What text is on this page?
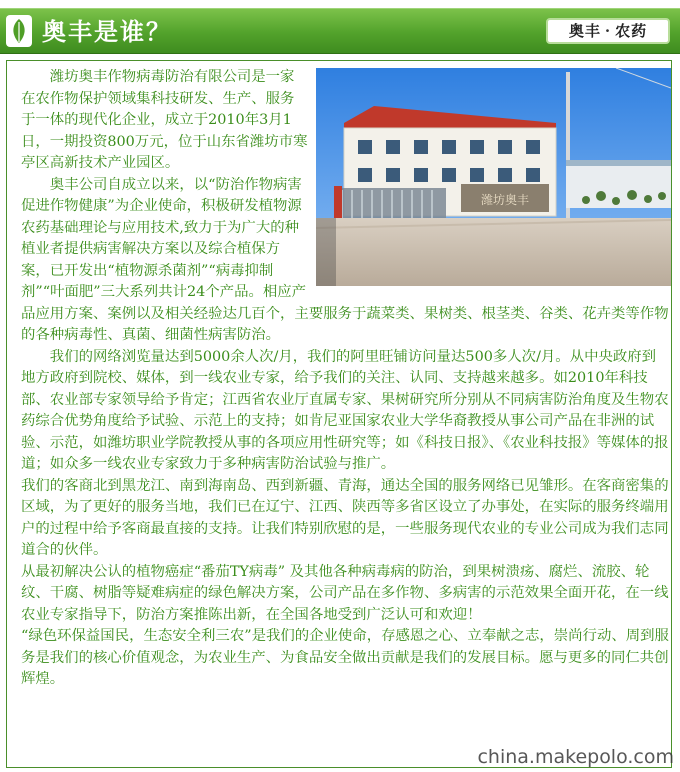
奥丰是谁？	奥丰 · 农药
潍坊奥丰

潍坊奥丰作物病毒防治有限公司是一家在农作物保护领域集科技研发、生产、服务于一体的现代化企业，成立于2010年3月1日，一期投资800万元，位于山东省潍坊市寒亭区高新技术产业园区。

奥丰公司自成立以来，以“防治作物病害 促进作物健康”为企业使命，积极研发植物源农药基础理论与应用技术,致力于为广大的种植业者提供病害解决方案以及综合植保方案，已开发出“植物源杀菌剂”“病毒抑制剂”“叶面肥”三大系列共计24个产品。相应产品应用方案、案例以及相关经验达几百个，主要服务于蔬菜类、果树类、根茎类、谷类、花卉类等作物 的各种病毒性、真菌、细菌性病害防治。

我们的网络浏览量达到5000余人次/月，我们的阿里旺铺访问量达500多人次/月。从中央政府到地方政府到院校、媒体，到一线农业专家，给予我们的关注、认同、支持越来越多。如2010年科技部、农业部专家领导给予肯定；江西省农业厅直属专家、果树研究所分别从不同病害防治角度及生物农药综合优势角度给予试验、示范上的支持；如肯尼亚国家农业大学华裔教授从事公司产品在非洲的试验、示范，如潍坊职业学院教授从事的各项应用性研究等；如《科技日报》、《农业科技报》等媒体的报道；如众多一线农业专家致力于多种病害防治试验与推广。

我们的客商北到黑龙江、南到海南岛、西到新疆、青海，通达全国的服务网络已见雏形。在客商密集的区域，为了更好的服务当地，我们已在辽宁、江西、陕西等多省区设立了办事处，在实际的服务终端用户的过程中给予客商最直接的支持。让我们特别欣慰的是，一些服务现代农业的专业公司成为我们志同道合的伙伴。

从最初解决公认的植物癌症“番茄TY病毒” 及其他各种病毒病的防治，到果树溃疡、腐烂、流胶、轮纹、干腐、树脂等疑难病症的绿色解决方案，公司产品在多作物、多病害的示范效果全面开花，在一线农业专家指导下，防治方案推陈出新，在全国各地受到广泛认可和欢迎！

“绿色环保益国民，生态安全利三农”是我们的企业使命，存感恩之心、立奉献之志，崇尚行动、周到服务是我们的核心价值观念，为农业生产、为食品安全做出贡献是我们的发展目标。愿与更多的同仁共创辉煌。

china.makepolo.com
